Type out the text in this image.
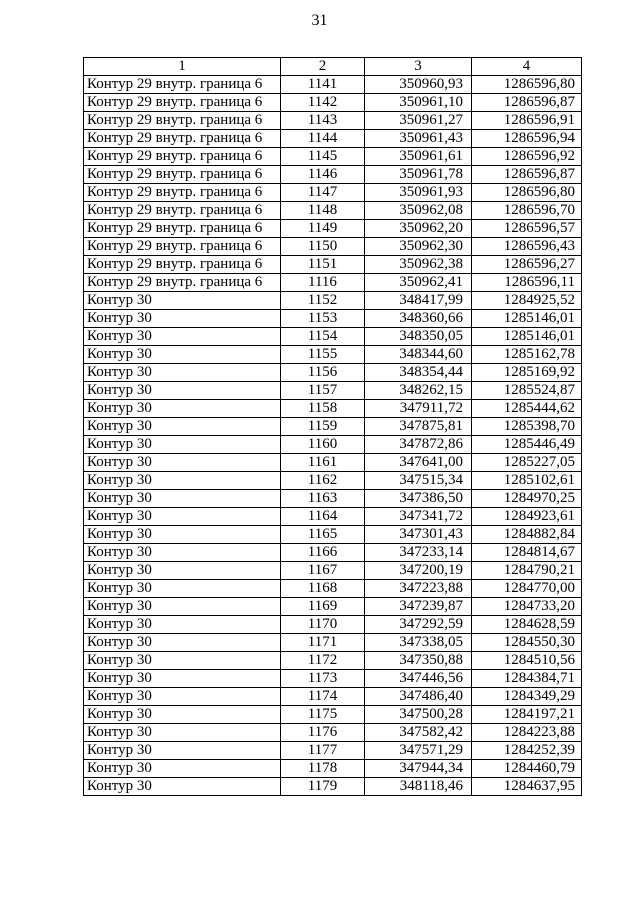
31
1	2	3	4
Контур 29 внутр. граница 6	1141	350960,93	1286596,80
Контур 29 внутр. граница 6	1142	350961,10	1286596,87
Контур 29 внутр. граница 6	1143	350961,27	1286596,91
Контур 29 внутр. граница 6	1144	350961,43	1286596,94
Контур 29 внутр. граница 6	1145	350961,61	1286596,92
Контур 29 внутр. граница 6	1146	350961,78	1286596,87
Контур 29 внутр. граница 6	1147	350961,93	1286596,80
Контур 29 внутр. граница 6	1148	350962,08	1286596,70
Контур 29 внутр. граница 6	1149	350962,20	1286596,57
Контур 29 внутр. граница 6	1150	350962,30	1286596,43
Контур 29 внутр. граница 6	1151	350962,38	1286596,27
Контур 29 внутр. граница 6	1116	350962,41	1286596,11
Контур 30	1152	348417,99	1284925,52
Контур 30	1153	348360,66	1285146,01
Контур 30	1154	348350,05	1285146,01
Контур 30	1155	348344,60	1285162,78
Контур 30	1156	348354,44	1285169,92
Контур 30	1157	348262,15	1285524,87
Контур 30	1158	347911,72	1285444,62
Контур 30	1159	347875,81	1285398,70
Контур 30	1160	347872,86	1285446,49
Контур 30	1161	347641,00	1285227,05
Контур 30	1162	347515,34	1285102,61
Контур 30	1163	347386,50	1284970,25
Контур 30	1164	347341,72	1284923,61
Контур 30	1165	347301,43	1284882,84
Контур 30	1166	347233,14	1284814,67
Контур 30	1167	347200,19	1284790,21
Контур 30	1168	347223,88	1284770,00
Контур 30	1169	347239,87	1284733,20
Контур 30	1170	347292,59	1284628,59
Контур 30	1171	347338,05	1284550,30
Контур 30	1172	347350,88	1284510,56
Контур 30	1173	347446,56	1284384,71
Контур 30	1174	347486,40	1284349,29
Контур 30	1175	347500,28	1284197,21
Контур 30	1176	347582,42	1284223,88
Контур 30	1177	347571,29	1284252,39
Контур 30	1178	347944,34	1284460,79
Контур 30	1179	348118,46	1284637,95
